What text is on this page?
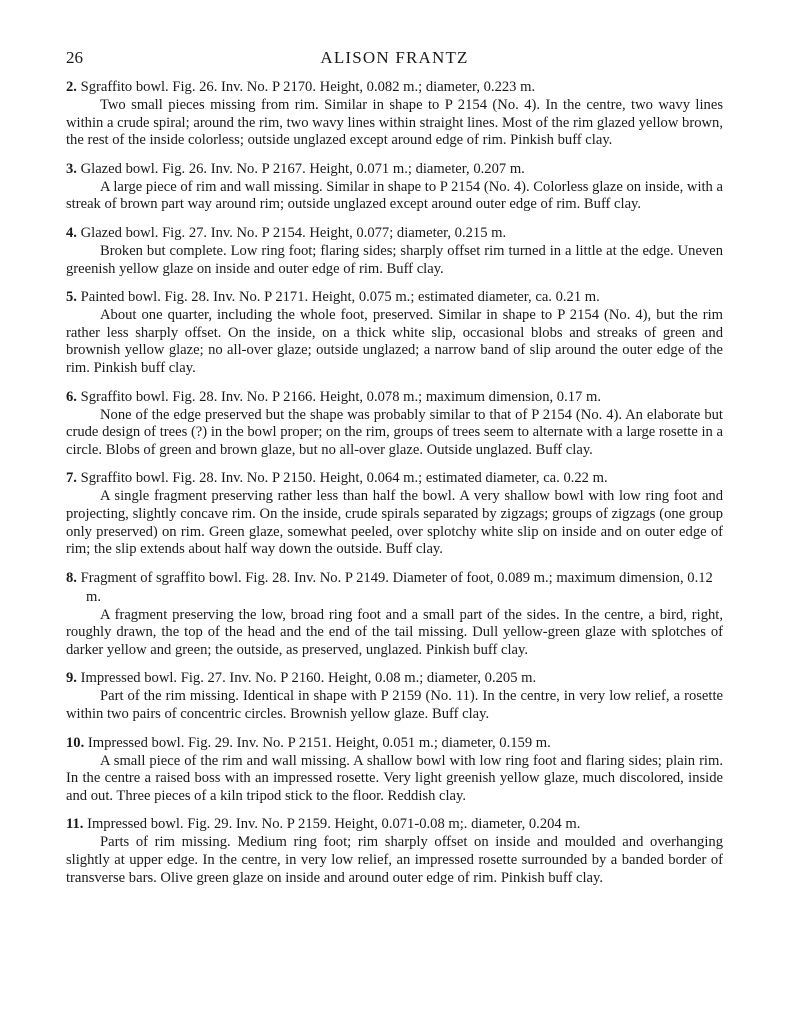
26	ALISON FRANTZ
2. Sgraffito bowl. Fig. 26. Inv. No. P 2170. Height, 0.082 m.; diameter, 0.223 m.

Two small pieces missing from rim. Similar in shape to P 2154 (No. 4). In the centre, two wavy lines within a crude spiral; around the rim, two wavy lines within straight lines. Most of the rim glazed yellow brown, the rest of the inside colorless; outside unglazed except around edge of rim. Pinkish buff clay.

3. Glazed bowl. Fig. 26. Inv. No. P 2167. Height, 0.071 m.; diameter, 0.207 m.

A large piece of rim and wall missing. Similar in shape to P 2154 (No. 4). Colorless glaze on inside, with a streak of brown part way around rim; outside unglazed except around outer edge of rim. Buff clay.

4. Glazed bowl. Fig. 27. Inv. No. P 2154. Height, 0.077; diameter, 0.215 m.

Broken but complete. Low ring foot; flaring sides; sharply offset rim turned in a little at the edge. Uneven greenish yellow glaze on inside and outer edge of rim. Buff clay.

5. Painted bowl. Fig. 28. Inv. No. P 2171. Height, 0.075 m.; estimated diameter, ca. 0.21 m.

About one quarter, including the whole foot, preserved. Similar in shape to P 2154 (No. 4), but the rim rather less sharply offset. On the inside, on a thick white slip, occasional blobs and streaks of green and brownish yellow glaze; no all-over glaze; outside unglazed; a narrow band of slip around the outer edge of the rim. Pinkish buff clay.

6. Sgraffito bowl. Fig. 28. Inv. No. P 2166. Height, 0.078 m.; maximum dimension, 0.17 m.

None of the edge preserved but the shape was probably similar to that of P 2154 (No. 4). An elaborate but crude design of trees (?) in the bowl proper; on the rim, groups of trees seem to alternate with a large rosette in a circle. Blobs of green and brown glaze, but no all-over glaze. Outside unglazed. Buff clay.

7. Sgraffito bowl. Fig. 28. Inv. No. P 2150. Height, 0.064 m.; estimated diameter, ca. 0.22 m.

A single fragment preserving rather less than half the bowl. A very shallow bowl with low ring foot and projecting, slightly concave rim. On the inside, crude spirals separated by zigzags; groups of zigzags (one group only preserved) on rim. Green glaze, somewhat peeled, over splotchy white slip on inside and on outer edge of rim; the slip extends about half way down the outside. Buff clay.

8. Fragment of sgraffito bowl. Fig. 28. Inv. No. P 2149. Diameter of foot, 0.089 m.; maximum dimension, 0.12 m.

A fragment preserving the low, broad ring foot and a small part of the sides. In the centre, a bird, right, roughly drawn, the top of the head and the end of the tail missing. Dull yellow-green glaze with splotches of darker yellow and green; the outside, as preserved, unglazed. Pinkish buff clay.

9. Impressed bowl. Fig. 27. Inv. No. P 2160. Height, 0.08 m.; diameter, 0.205 m.

Part of the rim missing. Identical in shape with P 2159 (No. 11). In the centre, in very low relief, a rosette within two pairs of concentric circles. Brownish yellow glaze. Buff clay.

10. Impressed bowl. Fig. 29. Inv. No. P 2151. Height, 0.051 m.; diameter, 0.159 m.

A small piece of the rim and wall missing. A shallow bowl with low ring foot and flaring sides; plain rim. In the centre a raised boss with an impressed rosette. Very light greenish yellow glaze, much discolored, inside and out. Three pieces of a kiln tripod stick to the floor. Reddish clay.

11. Impressed bowl. Fig. 29. Inv. No. P 2159. Height, 0.071-0.08 m;. diameter, 0.204 m.

Parts of rim missing. Medium ring foot; rim sharply offset on inside and moulded and overhanging slightly at upper edge. In the centre, in very low relief, an impressed rosette surrounded by a banded border of transverse bars. Olive green glaze on inside and around outer edge of rim. Pinkish buff clay.
